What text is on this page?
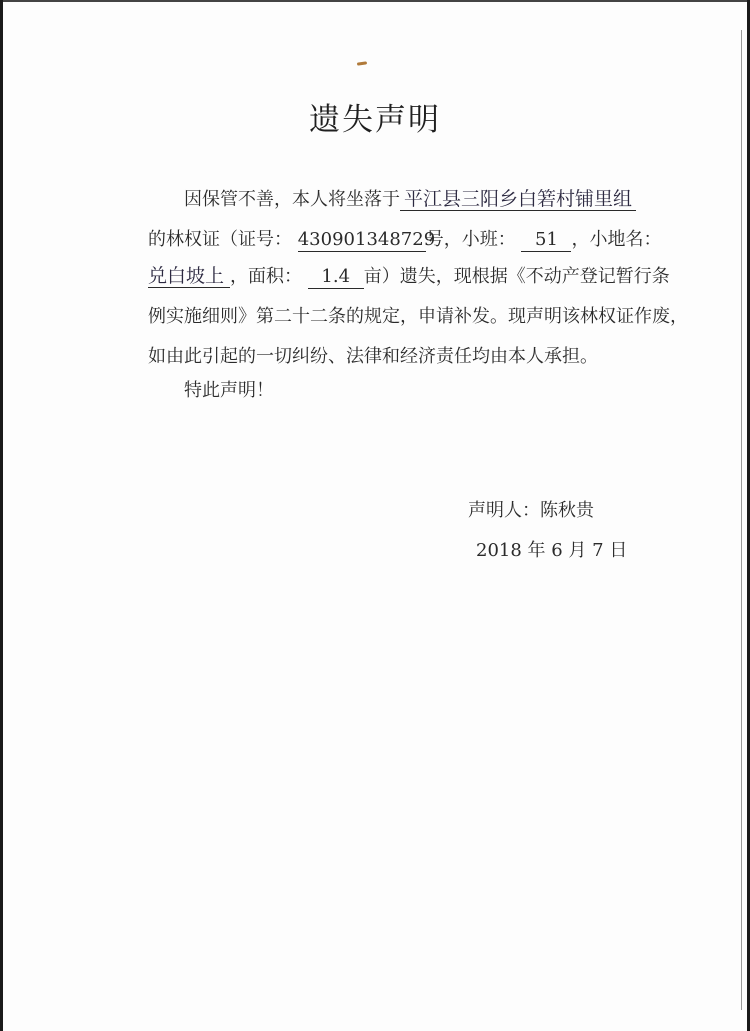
遗失声明
因保管不善，本人将坐落于 平江县三阳乡白箬村铺里组
的林权证（证号： 430901348729号，小班： 51 ，小地名：
兑白坡上 ，面积： 1.4 亩）遗失，现根据《不动产登记暂行条
例实施细则》第二十二条的规定，申请补发。现声明该林权证作废，
如由此引起的一切纠纷、法律和经济责任均由本人承担。
特此声明！
声明人：陈秋贵
2018 年 6 月 7 日
